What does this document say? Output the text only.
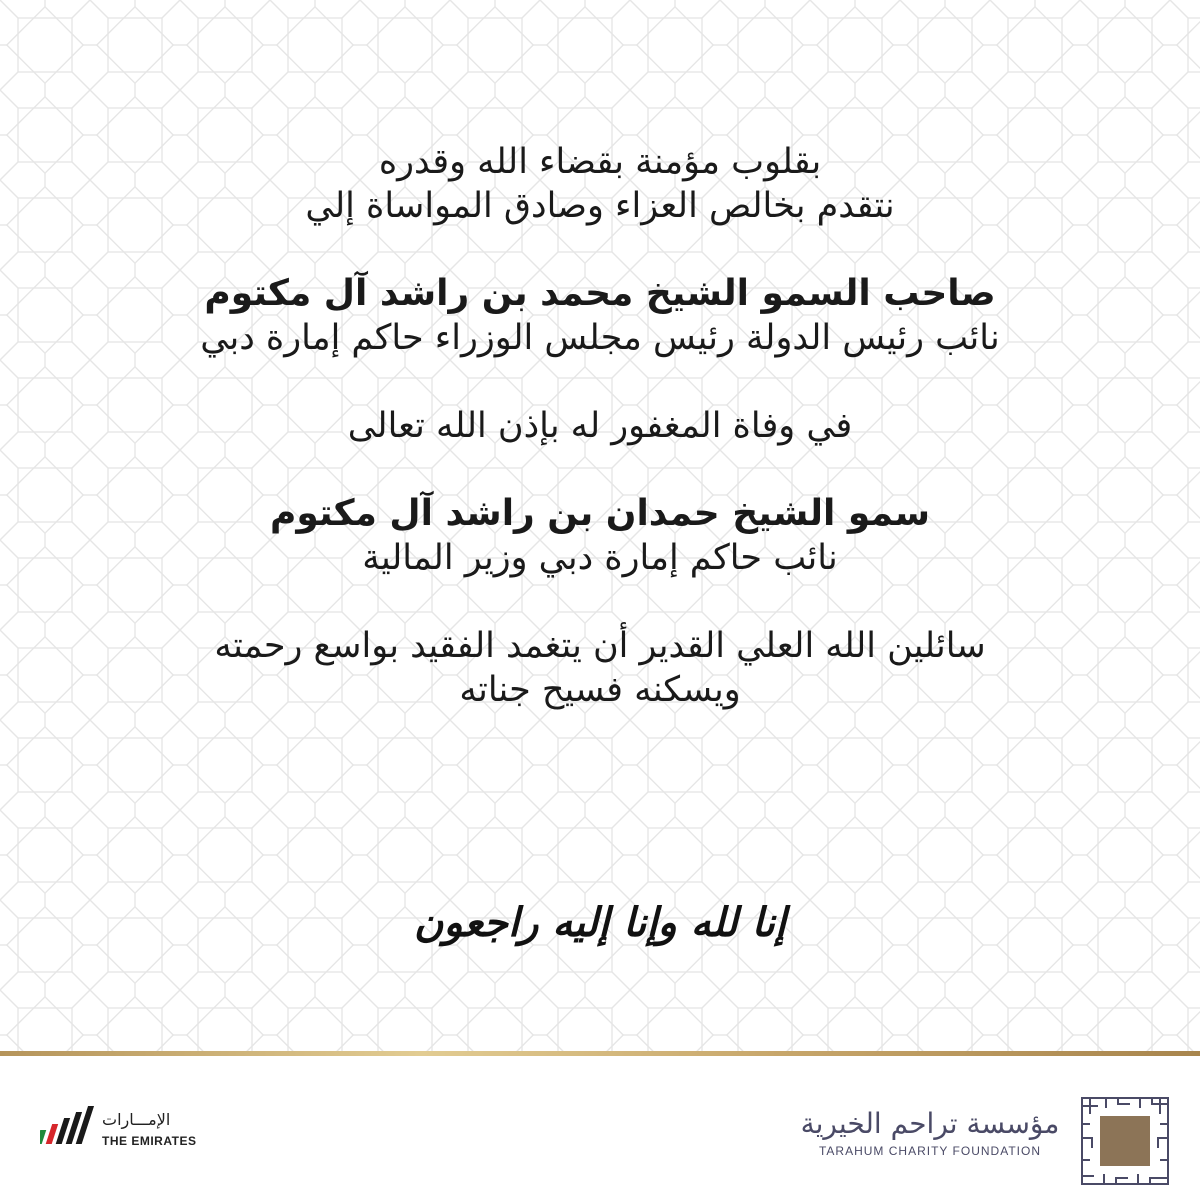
بقلوب مؤمنة بقضاء الله وقدره
نتقدم بخالص العزاء وصادق المواساة إلي
صاحب السمو الشيخ محمد بن راشد آل مكتوم
نائب رئيس الدولة رئيس مجلس الوزراء حاكم إمارة دبي
في وفاة المغفور له بإذن الله تعالى
سمو الشيخ حمدان بن راشد آل مكتوم
نائب حاكم إمارة دبي وزير المالية
سائلين الله العلي القدير أن يتغمد الفقيد بواسع رحمته
ويسكنه فسيح جناته
إنا لله وإنا إليه راجعون
الإمـــارات
THE EMIRATES
مؤسسة تراحم الخيرية
TARAHUM CHARITY FOUNDATION
